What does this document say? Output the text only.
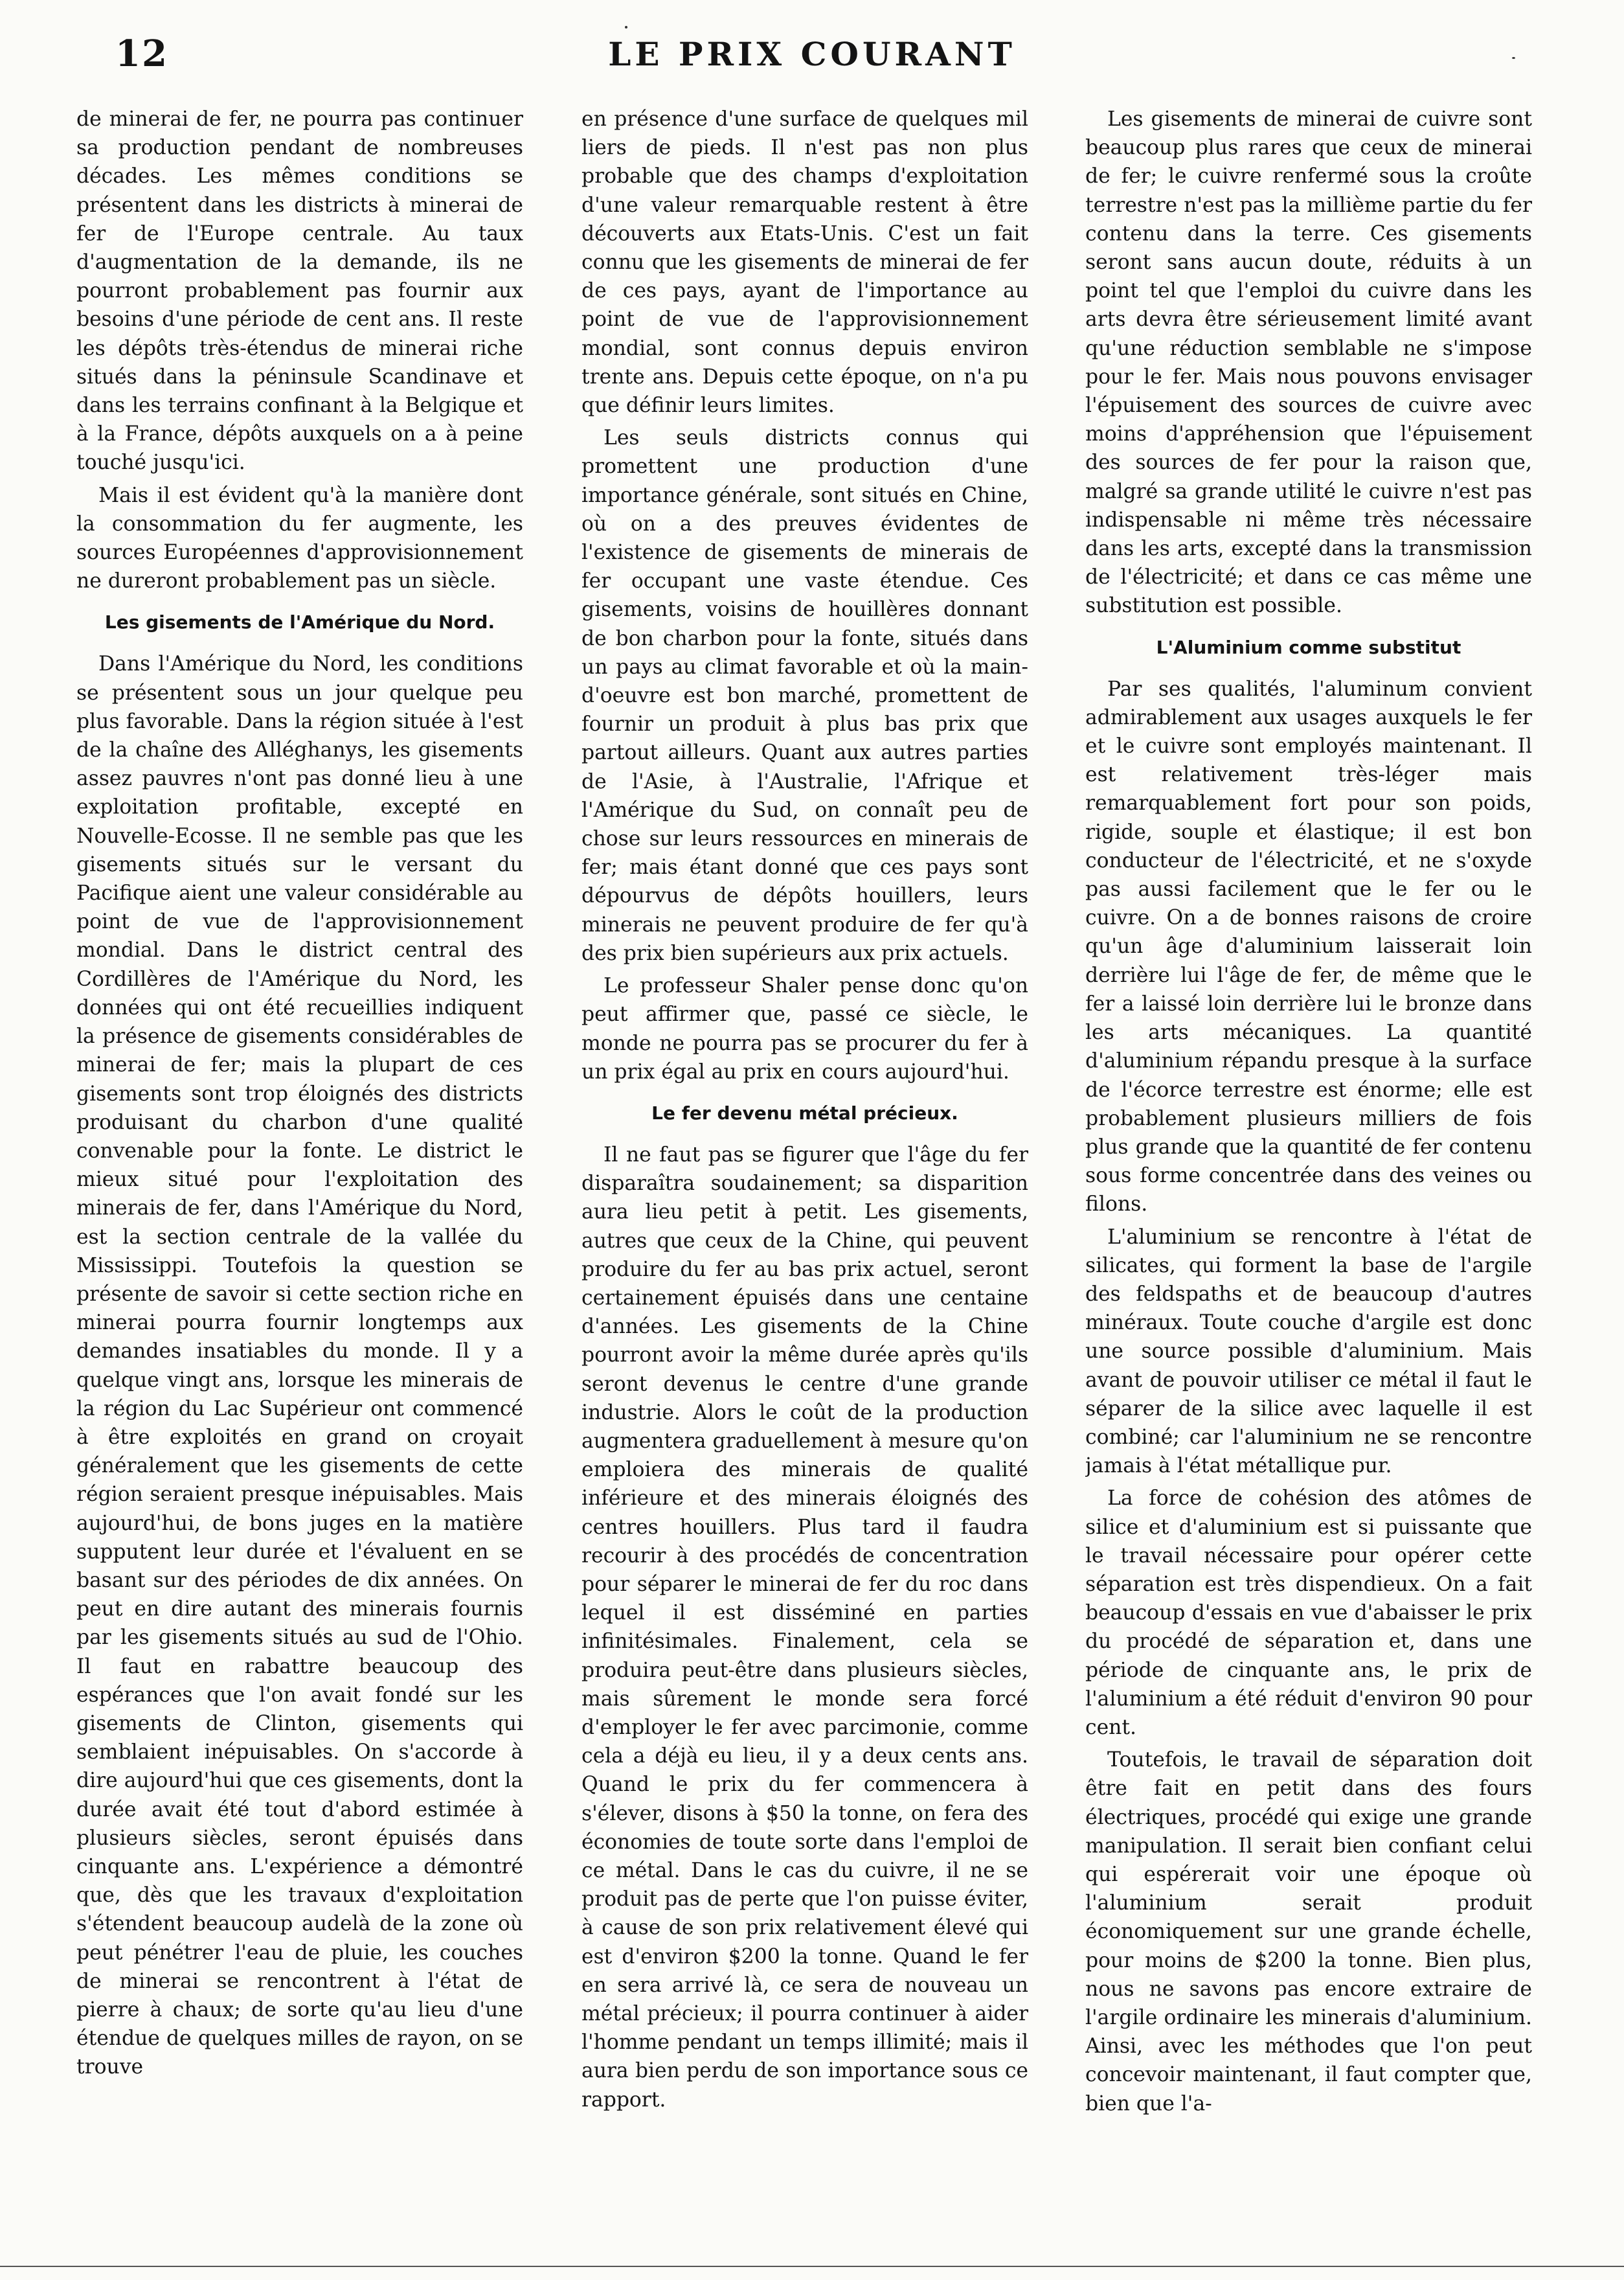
12	LE PRIX COURANT

de minerai de fer, ne pourra pas continuer sa production pendant de nombreuses décades. Les mêmes conditions se présentent dans les districts à minerai de fer de l'Europe centrale. Au taux d'augmentation de la demande, ils ne pourront probablement pas fournir aux besoins d'une période de cent ans. Il reste les dépôts très-étendus de minerai riche situés dans la péninsule Scandinave et dans les terrains confinant à la Belgique et à la France, dépôts auxquels on a à peine touché jusqu'ici.

Mais il est évident qu'à la manière dont la consommation du fer augmente, les sources Européennes d'approvisionnement ne dureront probablement pas un siècle.

Les gisements de l'Amérique du Nord.

Dans l'Amérique du Nord, les conditions se présentent sous un jour quelque peu plus favorable. Dans la région située à l'est de la chaîne des Alléghanys, les gisements assez pauvres n'ont pas donné lieu à une exploitation profitable, excepté en Nouvelle-Ecosse. Il ne semble pas que les gisements situés sur le versant du Pacifique aient une valeur considérable au point de vue de l'approvisionnement mondial. Dans le district central des Cordillères de l'Amérique du Nord, les données qui ont été recueillies indiquent la présence de gisements considérables de minerai de fer; mais la plupart de ces gisements sont trop éloignés des districts produisant du charbon d'une qualité convenable pour la fonte. Le district le mieux situé pour l'exploitation des minerais de fer, dans l'Amérique du Nord, est la section centrale de la vallée du Mississippi. Toutefois la question se présente de savoir si cette section riche en minerai pourra fournir longtemps aux demandes insatiables du monde. Il y a quelque vingt ans, lorsque les minerais de la région du Lac Supérieur ont commencé à être exploités en grand on croyait généralement que les gisements de cette région seraient presque inépuisables. Mais aujourd'hui, de bons juges en la matière supputent leur durée et l'évaluent en se basant sur des périodes de dix années. On peut en dire autant des minerais fournis par les gisements situés au sud de l'Ohio. Il faut en rabattre beaucoup des espérances que l'on avait fondé sur les gisements de Clinton, gisements qui semblaient inépuisables. On s'accorde à dire aujourd'hui que ces gisements, dont la durée avait été tout d'abord estimée à plusieurs siècles, seront épuisés dans cinquante ans. L'expérience a démontré que, dès que les travaux d'exploitation s'étendent beaucoup audelà de la zone où peut pénétrer l'eau de pluie, les couches de minerai se rencontrent à l'état de pierre à chaux; de sorte qu'au lieu d'une étendue de quelques milles de rayon, on se trouve

en présence d'une surface de quelques mil liers de pieds. Il n'est pas non plus probable que des champs d'exploitation d'une valeur remarquable restent à être découverts aux Etats-Unis. C'est un fait connu que les gisements de minerai de fer de ces pays, ayant de l'importance au point de vue de l'approvisionnement mondial, sont connus depuis environ trente ans. Depuis cette époque, on n'a pu que définir leurs limites.

Les seuls districts connus qui promettent une production d'une importance générale, sont situés en Chine, où on a des preuves évidentes de l'existence de gisements de minerais de fer occupant une vaste étendue. Ces gisements, voisins de houillères donnant de bon charbon pour la fonte, situés dans un pays au climat favorable et où la main-d'oeuvre est bon marché, promettent de fournir un produit à plus bas prix que partout ailleurs. Quant aux autres parties de l'Asie, à l'Australie, l'Afrique et l'Amérique du Sud, on connaît peu de chose sur leurs ressources en minerais de fer; mais étant donné que ces pays sont dépourvus de dépôts houillers, leurs minerais ne peuvent produire de fer qu'à des prix bien supérieurs aux prix actuels.

Le professeur Shaler pense donc qu'on peut affirmer que, passé ce siècle, le monde ne pourra pas se procurer du fer à un prix égal au prix en cours aujourd'hui.

Le fer devenu métal précieux.

Il ne faut pas se figurer que l'âge du fer disparaîtra soudainement; sa disparition aura lieu petit à petit. Les gisements, autres que ceux de la Chine, qui peuvent produire du fer au bas prix actuel, seront certainement épuisés dans une centaine d'années. Les gisements de la Chine pourront avoir la même durée après qu'ils seront devenus le centre d'une grande industrie. Alors le coût de la production augmentera graduellement à mesure qu'on emploiera des minerais de qualité inférieure et des minerais éloignés des centres houillers. Plus tard il faudra recourir à des procédés de concentration pour séparer le minerai de fer du roc dans lequel il est disséminé en parties infinitésimales. Finalement, cela se produira peut-être dans plusieurs siècles, mais sûrement le monde sera forcé d'employer le fer avec parcimonie, comme cela a déjà eu lieu, il y a deux cents ans. Quand le prix du fer commencera à s'élever, disons à $50 la tonne, on fera des économies de toute sorte dans l'emploi de ce métal. Dans le cas du cuivre, il ne se produit pas de perte que l'on puisse éviter, à cause de son prix relativement élevé qui est d'environ $200 la tonne. Quand le fer en sera arrivé là, ce sera de nouveau un métal précieux; il pourra continuer à aider l'homme pendant un temps illimité; mais il aura bien perdu de son importance sous ce rapport.

Les gisements de minerai de cuivre sont beaucoup plus rares que ceux de minerai de fer; le cuivre renfermé sous la croûte terrestre n'est pas la millième partie du fer contenu dans la terre. Ces gisements seront sans aucun doute, réduits à un point tel que l'emploi du cuivre dans les arts devra être sérieusement limité avant qu'une réduction semblable ne s'impose pour le fer. Mais nous pouvons envisager l'épuisement des sources de cuivre avec moins d'appréhension que l'épuisement des sources de fer pour la raison que, malgré sa grande utilité le cuivre n'est pas indispensable ni même très nécessaire dans les arts, excepté dans la transmission de l'électricité; et dans ce cas même une substitution est possible.

L'Aluminium comme substitut

Par ses qualités, l'aluminum convient admirablement aux usages auxquels le fer et le cuivre sont employés maintenant. Il est relativement très-léger mais remarquablement fort pour son poids, rigide, souple et élastique; il est bon conducteur de l'électricité, et ne s'oxyde pas aussi facilement que le fer ou le cuivre. On a de bonnes raisons de croire qu'un âge d'aluminium laisserait loin derrière lui l'âge de fer, de même que le fer a laissé loin derrière lui le bronze dans les arts mécaniques. La quantité d'aluminium répandu presque à la surface de l'écorce terrestre est énorme; elle est probablement plusieurs milliers de fois plus grande que la quantité de fer contenu sous forme concentrée dans des veines ou filons.

L'aluminium se rencontre à l'état de silicates, qui forment la base de l'argile des feldspaths et de beaucoup d'autres minéraux. Toute couche d'argile est donc une source possible d'aluminium. Mais avant de pouvoir utiliser ce métal il faut le séparer de la silice avec laquelle il est combiné; car l'aluminium ne se rencontre jamais à l'état métallique pur.

La force de cohésion des atômes de silice et d'aluminium est si puissante que le travail nécessaire pour opérer cette séparation est très dispendieux. On a fait beaucoup d'essais en vue d'abaisser le prix du procédé de séparation et, dans une période de cinquante ans, le prix de l'aluminium a été réduit d'environ 90 pour cent.

Toutefois, le travail de séparation doit être fait en petit dans des fours électriques, procédé qui exige une grande manipulation. Il serait bien confiant celui qui espérerait voir une époque où l'aluminium serait produit économiquement sur une grande échelle, pour moins de $200 la tonne. Bien plus, nous ne savons pas encore extraire de l'argile ordinaire les minerais d'aluminium. Ainsi, avec les méthodes que l'on peut concevoir maintenant, il faut compter que, bien que l'a-
